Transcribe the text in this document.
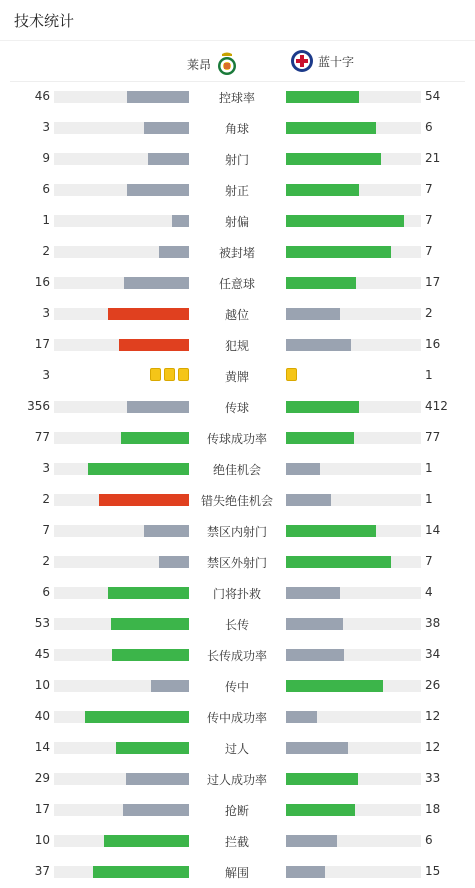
技术统计
莱昂	蓝十字
46	控球率	54
3	角球	6
9	射门	21
6	射正	7
1	射偏	7
2	被封堵	7
16	任意球	17
3	越位	2
17	犯规	16
3	黄牌	1
356	传球	412
77	传球成功率	77
3	绝佳机会	1
2	错失绝佳机会	1
7	禁区内射门	14
2	禁区外射门	7
6	门将扑救	4
53	长传	38
45	长传成功率	34
10	传中	26
40	传中成功率	12
14	过人	12
29	过人成功率	33
17	抢断	18
10	拦截	6
37	解围	15
